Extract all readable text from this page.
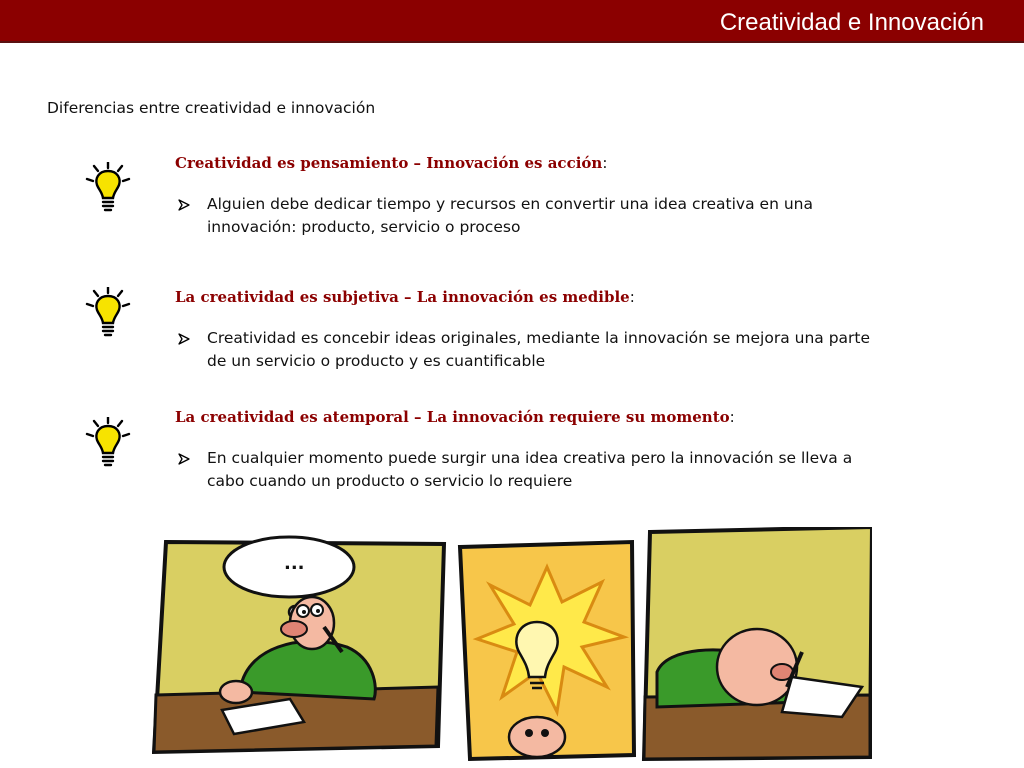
Creatividad e Innovación
Diferencias entre creatividad e innovación
Creatividad es pensamiento – Innovación es acción:
Alguien debe dedicar tiempo y recursos en convertir una idea creativa en una innovación: producto, servicio o proceso
La creatividad es subjetiva – La innovación es medible:
Creatividad es concebir ideas originales, mediante la innovación se mejora una parte de un servicio o producto y es cuantificable
La creatividad es atemporal – La innovación requiere su momento:
En cualquier momento puede surgir una idea creativa pero la innovación se lleva a cabo cuando un producto o servicio lo requiere
...
